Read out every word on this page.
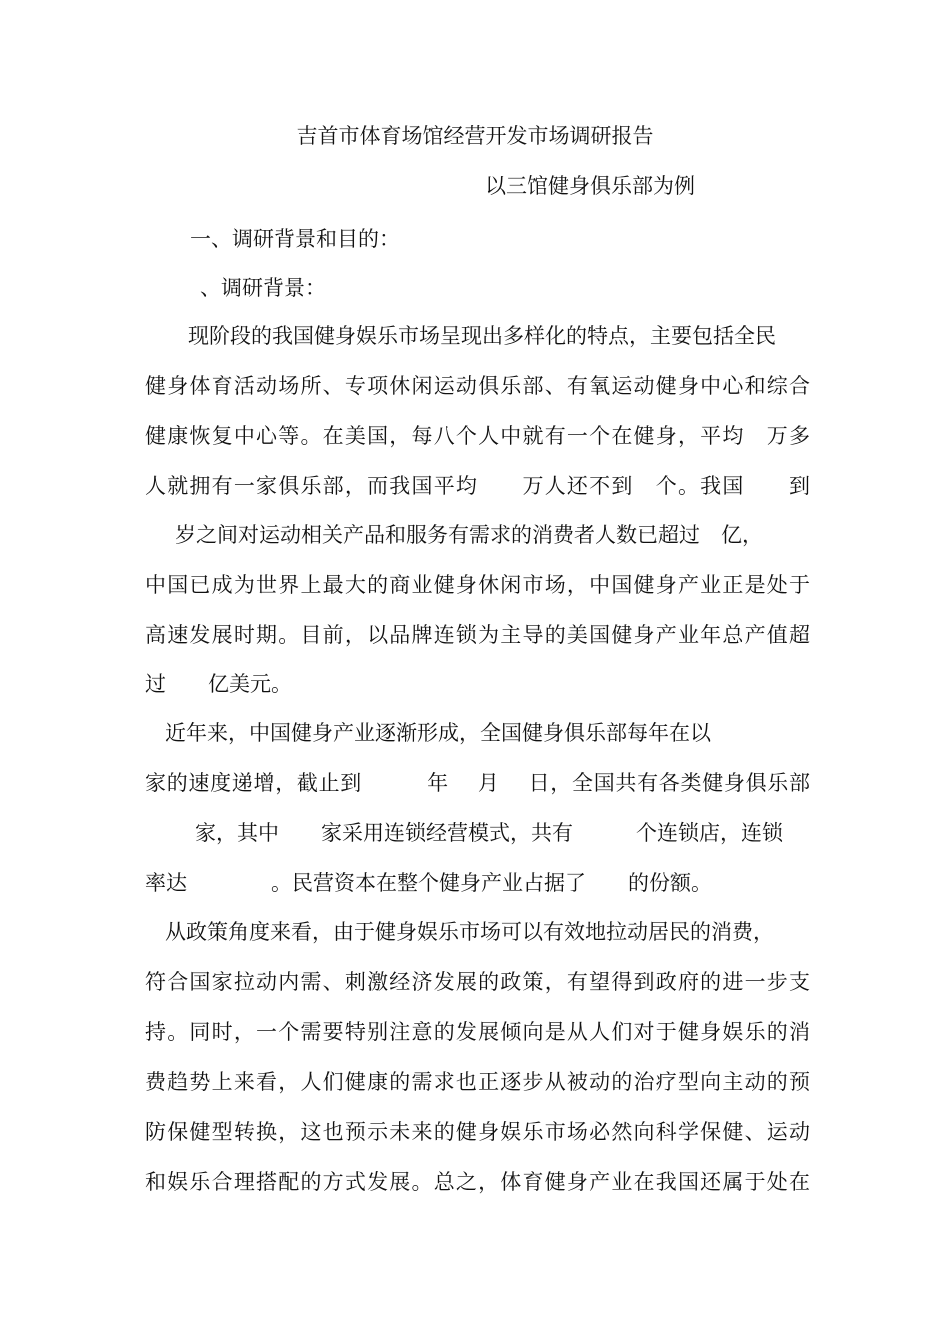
吉首市体育场馆经营开发市场调研报告
以三馆健身俱乐部为例
一、调研背景和目的：
、调研背景：
现阶段的我国健身娱乐市场呈现出多样化的特点，主要包括全民
健身体育活动场所、专项休闲运动俱乐部、有氧运动健身中心和综合
健康恢复中心等。在美国，每八个人中就有一个在健身，平均　万多
人就拥有一家俱乐部，而我国平均　　万人还不到　个。我国　　到
岁之间对运动相关产品和服务有需求的消费者人数已超过　亿，
中国已成为世界上最大的商业健身休闲市场，中国健身产业正是处于
高速发展时期。目前，以品牌连锁为主导的美国健身产业年总产值超
过　　亿美元。
近年来，中国健身产业逐渐形成，全国健身俱乐部每年在以
家的速度递增，截止到　　　年　 月　 日，全国共有各类健身俱乐部
家，其中　　家采用连锁经营模式，共有　　　个连锁店，连锁
率达　　　　。民营资本在整个健身产业占据了　　的份额。
从政策角度来看，由于健身娱乐市场可以有效地拉动居民的消费，
符合国家拉动内需、刺激经济发展的政策，有望得到政府的进一步支
持。同时，一个需要特别注意的发展倾向是从人们对于健身娱乐的消
费趋势上来看，人们健康的需求也正逐步从被动的治疗型向主动的预
防保健型转换，这也预示未来的健身娱乐市场必然向科学保健、运动
和娱乐合理搭配的方式发展。总之，体育健身产业在我国还属于处在
